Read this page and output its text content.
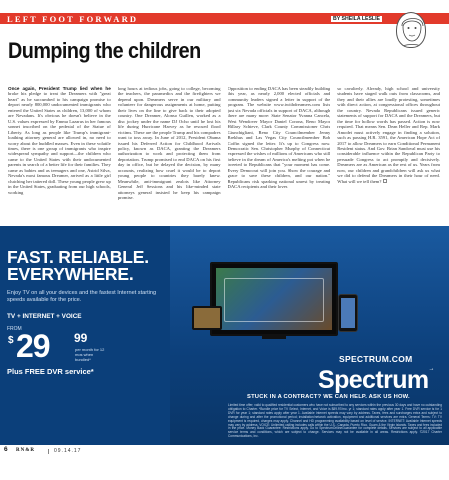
LEFT FOOT FORWARD	BY SHEILA LESLIE
Dumping the children

Once again, President Trump lied when he broke his pledge to treat the Dreamers with "great heart" as he succumbed to his campaign promise to deport nearly 800,000 undocumented immigrants who entered the United States as children, 13,000 of whom are Nevadans. It's obvious he doesn't believe in the U.S. values expressed by Emma Lazarus in her famous sonnet inscribed on the pedestal of the Statue of Liberty. As long as people like Trump's immigrant-loathing attorney general are allowed in, no need to worry about the huddled masses. Even in these volatile times, there is one group of immigrants who inspire widespread sympathy and support—the children who came to the United States with their undocumented parents in search of a better life for their families. They came as babies and as teenagers and one, Astrid Silva, Nevada's most famous Dreamer, arrived as a little girl clutching her tattered doll. These young people grew up in the United States, graduating from our high schools, working

long hours at tedious jobs, going to college, becoming the teachers, the paramedics and the firefighters we depend upon. Dreamers serve in our military and volunteer for dangerous assignments at home, putting their lives on the line to give back to their adopted country. One Dreamer, Alonso Guillen, worked as a disc jockey under the name DJ Ocho until he lost his life during Hurricane Harvey as he rescued flood victims. These are the people Trump and his compadres want to toss away. In June of 2012, President Obama issued his Deferred Action for Childhood Arrivals policy, known as DACA, granting the Dreamers authorization to work and protecting them from deportation. Trump promised to end DACA on his first day in office, but he delayed the decision, by many accounts, realizing how cruel it would be to deport young people to countries they barely knew. Meanwhile, anti-immigrant zealots like Attorney General Jeff Sessions and his like-minded state attorneys general insisted he keep his campaign promise.

Opposition to ending DACA has been steadily building this year, as nearly 2,000 elected officials and community leaders signed a letter in support of the program. The website www.iwithdreamers.com lists just six Nevada officials in support of DACA, although there are many more: State Senator Yvanna Cancela, West Wendover Mayor Daniel Corona, Reno Mayor Hillary Schieve, Clark County Commissioner Chris Giunchigliani, Reno City Councilmember Jenny Brekhus and Las Vegas City Councilmember Bob Coffin signed the letter. It's up to Congress now. Democratic Sen. Christopher Murphy of Connecticut expressed the wishes of millions of Americans who still believe in the dream of America's melting pot when he tweeted to Republicans that "your moment has come. Every Democrat will join you. Show the courage and grace to save these children, and our nation." Republicans risk sparking national unrest by treating DACA recipients and their loves

so cavalierly. Already, high school and university students have staged walk outs from classrooms, and they and their allies are loudly protesting, sometimes with direct action, at congressional offices throughout the country. Nevada Republicans issued generic statements of support for DACA and the Dreamers, but the time for hollow words has passed. Action is now required. That means Sen. Dean Heller and Rep. Mark Amodei must actively engage in finding a solution, such as passing H.R. 3591, the American Hope Act of 2017 to allow Dreamers to earn Conditional Permanent Resident status. And Gov. Brian Sandoval must use his considerable influence within the Republican Party to persuade Congress to act promptly and decisively. Dreamers are as American as the rest of us. Years from now, our children and grandchildren will ask us what we did to defend the Dreamers in their hour of need. What will we tell them?

FAST. RELIABLE.
EVERYWHERE.
Enjoy TV on all your devices and the fastest Internet starting speeds available for the price.
TV + INTERNET + VOICE
FROM
$ 29 99
per month for 12 mos when bundled*
Plus FREE DVR service*
SPECTRUM.COM
Spectrum→
STUCK IN A CONTRACT? WE CAN HELP. ASK US HOW.
Limited time offer; valid to qualified residential customers who have not subscribed to any services within the previous 30 days and have no outstanding obligation to Charter. *Bundle price for TV Select, Internet, and Voice is $89.97/mo. yr 1; standard rates apply after year 1. Free DVR service is for 1 DVR for year 1; standard rates apply after year 1. Available Internet speeds may vary by address. Taxes, fees and surcharges extra and subject to change during and after the promotional period; installation/network activation, equipment and additional services are extra. General Terms: TV: TV equipment is required, charges may apply. Channel and HD programming availability based on level of service. INTERNET: Available Internet speeds may vary by address. VOICE: Unlimited calling includes calls within the U.S., Canada, Puerto Rico, Guam & the Virgin Islands. Taxes and fees included in the price. Money Back Guarantee: Restrictions apply. Go to SpectrumOnlineGuarantee for complete details. Services are subject to all applicable service terms and conditions, which are subject to change. Services may not be available in all areas. Restrictions apply. ©2017 Charter Communications, Inc.
6 RN&R	09.14.17
